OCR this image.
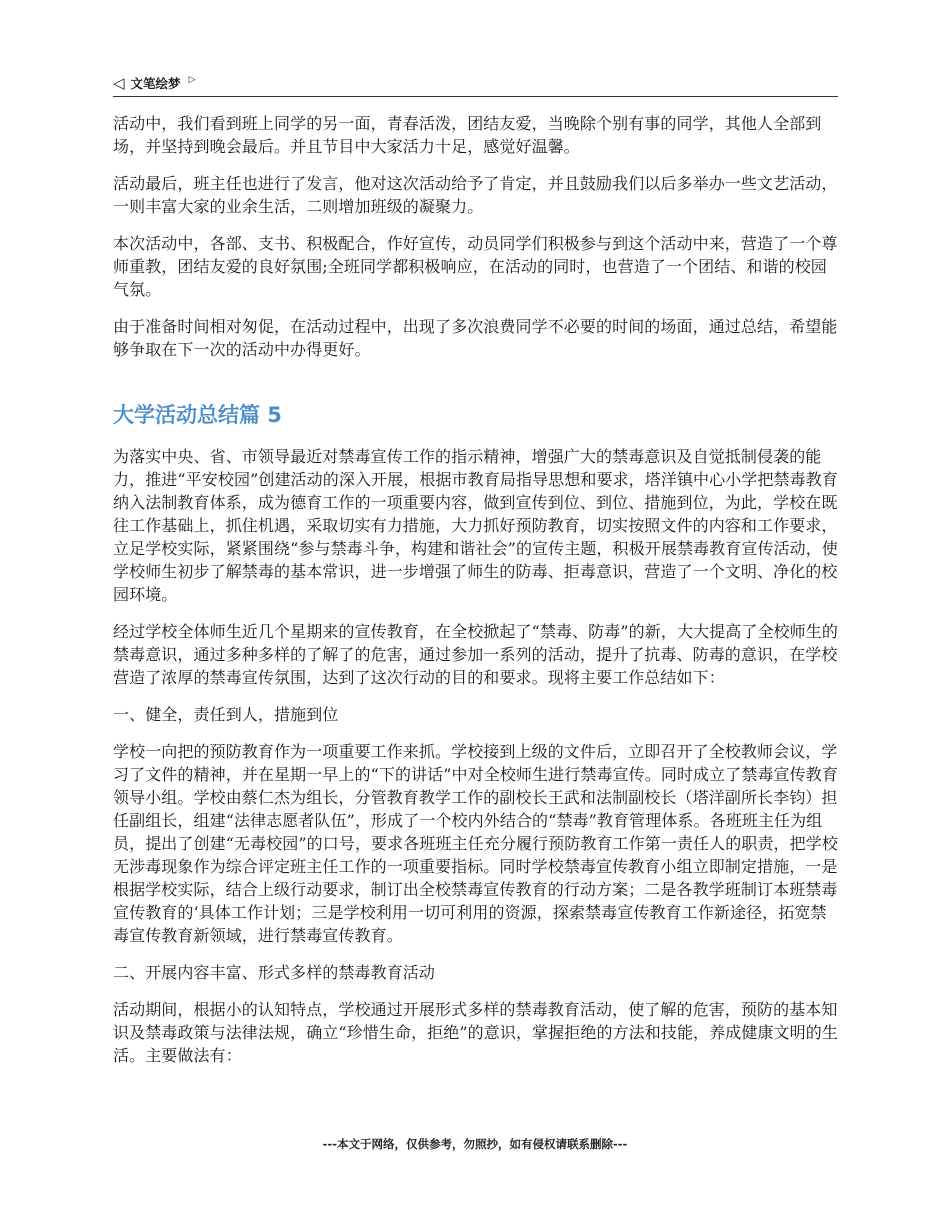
◁ 文笔绘梦 ▷

活动中，我们看到班上同学的另一面，青春活泼，团结友爱，当晚除个别有事的同学，其他人全部到场，并坚持到晚会最后。并且节目中大家活力十足，感觉好温馨。

活动最后，班主任也进行了发言，他对这次活动给予了肯定，并且鼓励我们以后多举办一些文艺活动，一则丰富大家的业余生活，二则增加班级的凝聚力。

本次活动中，各部、支书、积极配合，作好宣传，动员同学们积极参与到这个活动中来，营造了一个尊师重教，团结友爱的良好氛围;全班同学都积极响应，在活动的同时，也营造了一个团结、和谐的校园气氛。

由于准备时间相对匆促，在活动过程中，出现了多次浪费同学不必要的时间的场面，通过总结，希望能够争取在下一次的活动中办得更好。

大学活动总结篇 5

为落实中央、省、市领导最近对禁毒宣传工作的指示精神，增强广大的禁毒意识及自觉抵制侵袭的能力，推进“平安校园”创建活动的深入开展，根据市教育局指导思想和要求，塔洋镇中心小学把禁毒教育纳入法制教育体系，成为德育工作的一项重要内容，做到宣传到位、到位、措施到位，为此，学校在既往工作基础上，抓住机遇，采取切实有力措施，大力抓好预防教育，切实按照文件的内容和工作要求，立足学校实际，紧紧围绕“参与禁毒斗争，构建和谐社会”的宣传主题，积极开展禁毒教育宣传活动，使学校师生初步了解禁毒的基本常识，进一步增强了师生的防毒、拒毒意识，营造了一个文明、净化的校园环境。

经过学校全体师生近几个星期来的宣传教育，在全校掀起了“禁毒、防毒”的新，大大提高了全校师生的禁毒意识，通过多种多样的了解了的危害，通过参加一系列的活动，提升了抗毒、防毒的意识，在学校营造了浓厚的禁毒宣传氛围，达到了这次行动的目的和要求。现将主要工作总结如下：

一、健全，责任到人，措施到位

学校一向把的预防教育作为一项重要工作来抓。学校接到上级的文件后，立即召开了全校教师会议，学习了文件的精神，并在星期一早上的“下的讲话”中对全校师生进行禁毒宣传。同时成立了禁毒宣传教育领导小组。学校由蔡仁杰为组长，分管教育教学工作的副校长王武和法制副校长（塔洋副所长李钧）担任副组长，组建“法律志愿者队伍”，形成了一个校内外结合的“禁毒”教育管理体系。各班班主任为组员，提出了创建“无毒校园”的口号，要求各班班主任充分履行预防教育工作第一责任人的职责，把学校无涉毒现象作为综合评定班主任工作的一项重要指标。同时学校禁毒宣传教育小组立即制定措施，一是根据学校实际，结合上级行动要求，制订出全校禁毒宣传教育的行动方案；二是各教学班制订本班禁毒宣传教育的‘具体工作计划；三是学校利用一切可利用的资源，探索禁毒宣传教育工作新途径，拓宽禁毒宣传教育新领域，进行禁毒宣传教育。

二、开展内容丰富、形式多样的禁毒教育活动

活动期间，根据小的认知特点，学校通过开展形式多样的禁毒教育活动，使了解的危害，预防的基本知识及禁毒政策与法律法规，确立“珍惜生命，拒绝”的意识，掌握拒绝的方法和技能，养成健康文明的生活。主要做法有：

---本文于网络，仅供参考，勿照抄，如有侵权请联系删除---
